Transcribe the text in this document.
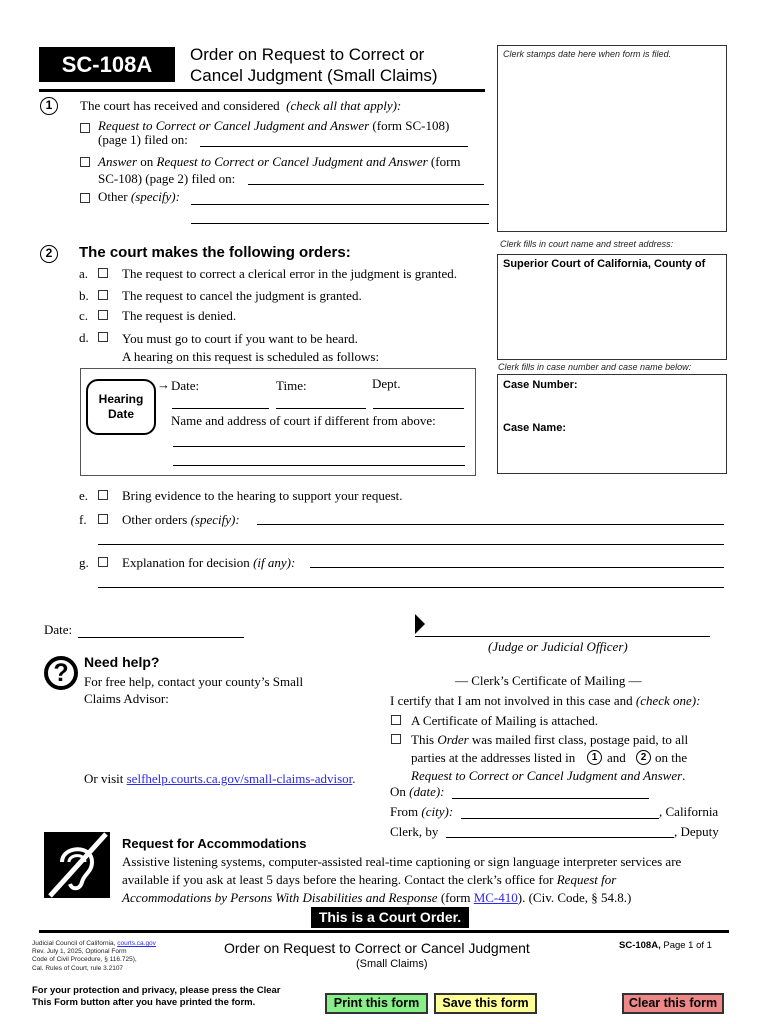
SC-108A	Order on Request to Correct or
Cancel Judgment (Small Claims)
Clerk stamps date here when form is filed.
Clerk fills in court name and street address:
Superior Court of California, County of
Clerk fills in case number and case name below:
Case Number:
Case Name:
1	The court has received and considered (check all that apply):
Request to Correct or Cancel Judgment and Answer (form SC-108)
(page 1) filed on:
Answer on Request to Correct or Cancel Judgment and Answer (form
SC-108) (page 2) filed on:
Other (specify):
2	The court makes the following orders:
a.	The request to correct a clerical error in the judgment is granted.
b.	The request to cancel the judgment is granted.
c.	The request is denied.
d.	You must go to court if you want to be heard.
A hearing on this request is scheduled as follows:
Hearing
Date
→ Date:	Time:	Dept.
Name and address of court if different from above:
e.	Bring evidence to the hearing to support your request.
f.	Other orders (specify):
g.	Explanation for decision (if any):
Date:
(Judge or Judicial Officer)
?	Need help?
For free help, contact your county’s Small
Claims Advisor:
Or visit selfhelp.courts.ca.gov/small-claims-advisor.
— Clerk’s Certificate of Mailing —
I certify that I am not involved in this case and (check one):
A Certificate of Mailing is attached.
This Order was mailed first class, postage paid, to all
parties at the addresses listed in	1 and	2 on the
Request to Correct or Cancel Judgment and Answer.
On (date):
From (city):	, California
Clerk, by	, Deputy
Request for Accommodations
Assistive listening systems, computer-assisted real-time captioning or sign language interpreter services are
available if you ask at least 5 days before the hearing. Contact the clerk’s office for Request for
Accommodations by Persons With Disabilities and Response (form MC-410). (Civ. Code, § 54.8.)
This is a Court Order.
Judicial Council of California, courts.ca.gov
Rev. July 1, 2025, Optional Form
Code of Civil Procedure, § 116.725),
Cal. Rules of Court, rule 3.2107
Order on Request to Correct or Cancel Judgment
(Small Claims)
SC-108A, Page 1 of 1
For your protection and privacy, please press the Clear
This Form button after you have printed the form.	Print this form	Save this form	Clear this form
